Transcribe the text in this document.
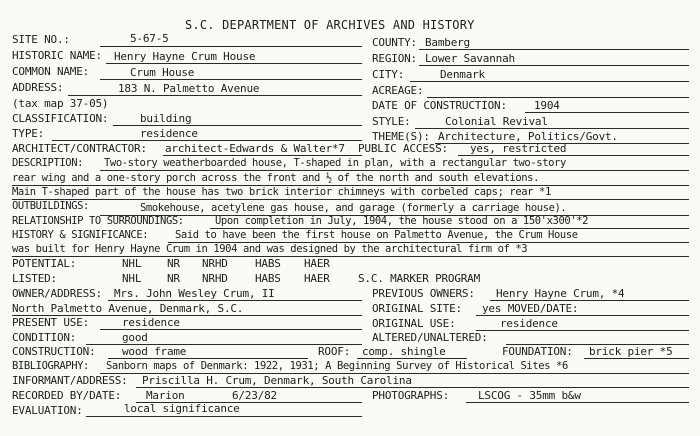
S.C. DEPARTMENT OF ARCHIVES AND HISTORY
SITE NO.:	5-67-5	COUNTY: Bamberg
HISTORIC NAME: Henry Hayne Crum House	REGION: Lower Savannah
COMMON NAME:	Crum House	CITY:	Denmark
ADDRESS:	183 N. Palmetto Avenue	ACREAGE:
(tax map 37-05)	DATE OF CONSTRUCTION: 1904
CLASSIFICATION:	building	STYLE:	Colonial Revival
TYPE:	residence	THEME(S): Architecture, Politics/Govt.
ARCHITECT/CONTRACTOR: architect-Edwards & Walter*7 PUBLIC ACCESS: yes, restricted
DESCRIPTION: Two-story weatherboarded house, T-shaped in plan, with a rectangular two-story
rear wing and a one-story porch across the front and ½ of the north and south elevations.
Main T-shaped part of the house has two brick interior chimneys with corbeled caps; rear *1
OUTBUILDINGS:	Smokehouse, acetylene gas house, and garage (formerly a carriage house).
RELATIONSHIP TO SURROUNDINGS:	Upon completion in July, 1904, the house stood on a 150'x300'*2
HISTORY & SIGNIFICANCE:	Said to have been the first house on Palmetto Avenue, the Crum House
was built for Henry Hayne Crum in 1904 and was designed by the architectural firm of *3
POTENTIAL:	NHL NR NRHD HABS HAER
LISTED:	NHL NR NRHD HABS HAER	S.C. MARKER PROGRAM
OWNER/ADDRESS: Mrs. John Wesley Crum, II	PREVIOUS OWNERS: Henry Hayne Crum, *4
North Palmetto Avenue, Denmark, S.C.	ORIGINAL SITE: yes MOVED/DATE:
PRESENT USE:	residence	ORIGINAL USE:	residence
CONDITION:	good	ALTERED/UNALTERED:
CONSTRUCTION: wood frame	ROOF: comp. shingle	FOUNDATION: brick pier *5
BIBLIOGRAPHY: Sanborn maps of Denmark: 1922, 1931; A Beginning Survey of Historical Sites *6
INFORMANT/ADDRESS: Priscilla H. Crum, Denmark, South Carolina
RECORDED BY/DATE: Marion	6/23/82	PHOTOGRAPHS:	LSCOG - 35mm b&w
EVALUATION:	local significance
